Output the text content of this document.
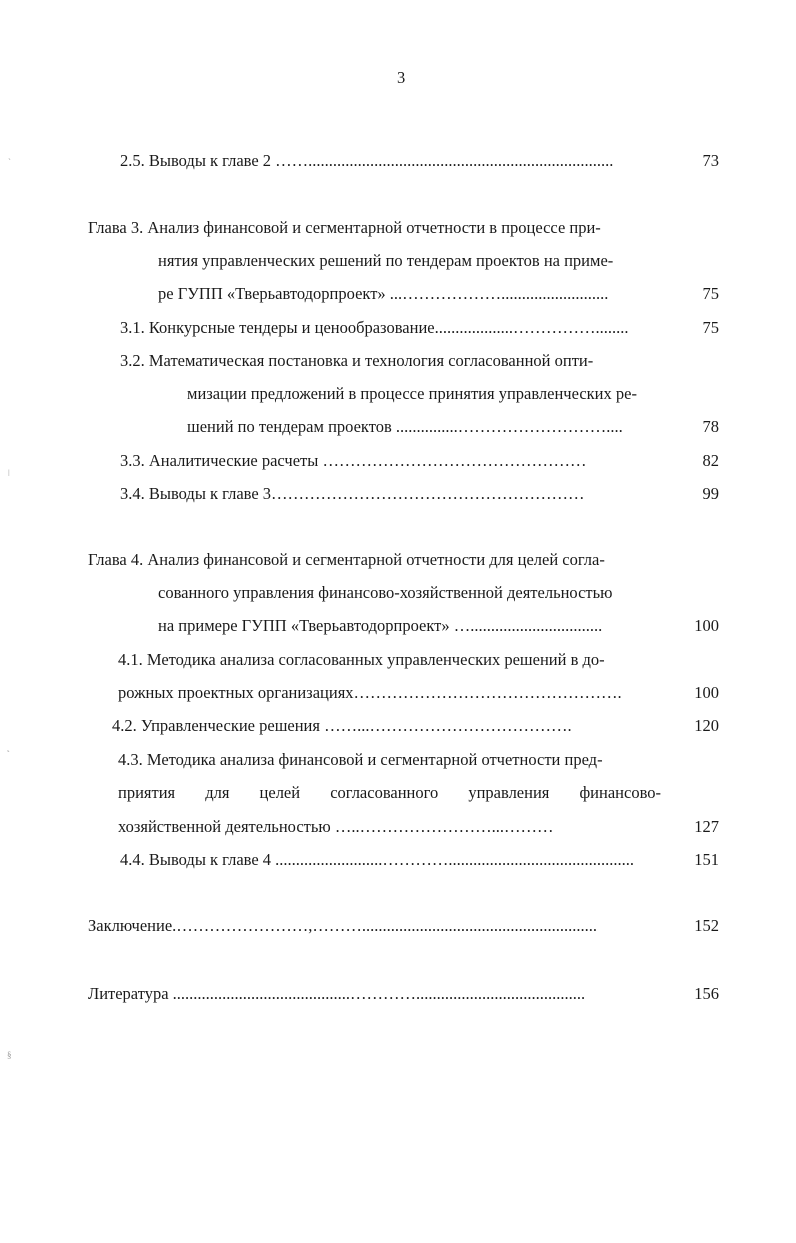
3
2.5. Выводы к главе 2 ……..........................................................................	73
Глава 3. Анализ финансовой и сегментарной отчетности в процессе при-
нятия управленческих решений по тендерам проектов на приме-
ре ГУПП «Тверьавтодорпроект» ...………………..........................	75
3.1. Конкурсные тендеры и ценообразование...................……………........	75
3.2. Математическая постановка и технология согласованной опти-
мизации предложений в процессе принятия управленческих ре-
шений по тендерам проектов ...............………………………....	78
3.3. Аналитические расчеты …………………………………………	82
3.4. Выводы к главе 3…………………………………………………	99
Глава 4. Анализ финансовой и сегментарной отчетности для целей согла-
сованного управления финансово-хозяйственной деятельностью
на примере ГУПП «Тверьавтодорпроект» …................................	100
4.1. Методика анализа согласованных управленческих решений в до-
рожных проектных организациях………………………………………….	100
4.2. Управленческие решения ……...……………………………….	120
4.3. Методика анализа финансовой и сегментарной отчетности пред-
приятия для целей согласованного управления финансово-
хозяйственной деятельностью …..……………………...………	127
4.4. Выводы к главе 4 ..........................………….............................................	151
Заключение.……………………,……….........................................................	152
Литература ...........................................………….........................................	156
ˎ
ǀ
˛
§
